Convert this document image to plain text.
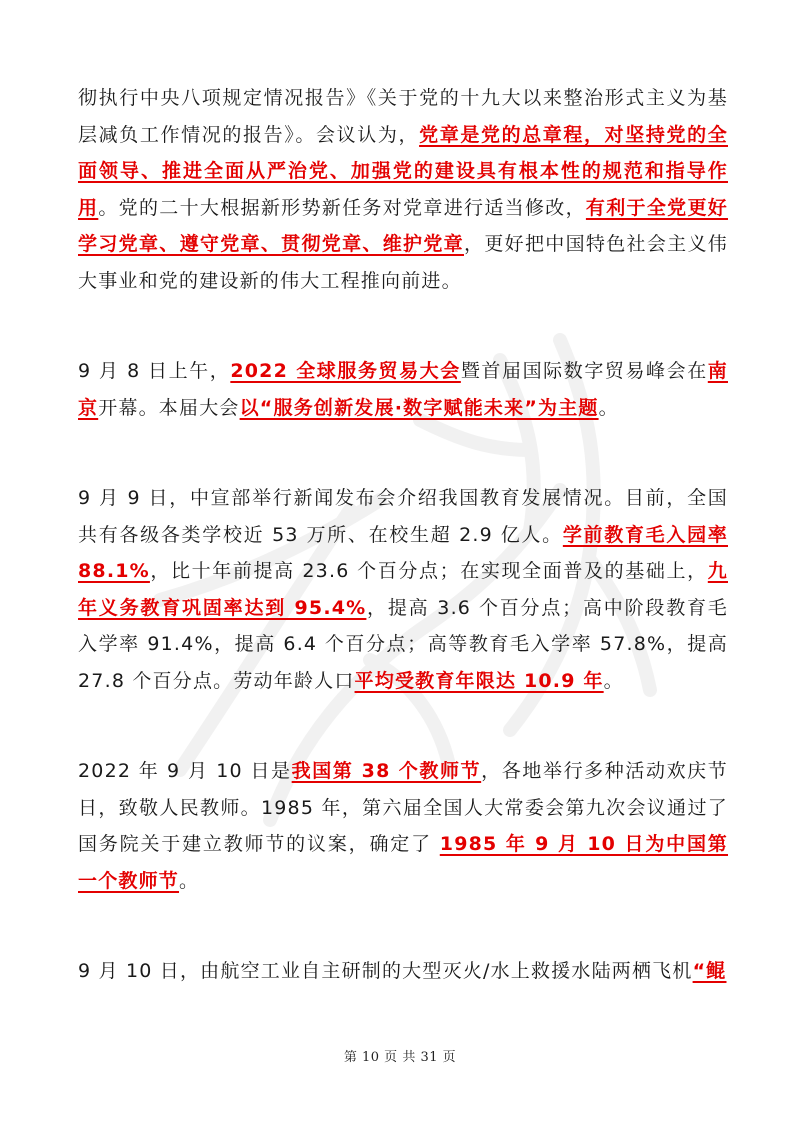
彻执行中央八项规定情况报告》《关于党的十九大以来整治形式主义为基层减负工作情况的报告》。会议认为，党章是党的总章程，对坚持党的全面领导、推进全面从严治党、加强党的建设具有根本性的规范和指导作用。党的二十大根据新形势新任务对党章进行适当修改，有利于全党更好学习党章、遵守党章、贯彻党章、维护党章，更好把中国特色社会主义伟大事业和党的建设新的伟大工程推向前进。

9 月 8 日上午，2022 全球服务贸易大会暨首届国际数字贸易峰会在南京开幕。本届大会以“服务创新发展·数字赋能未来”为主题。

9 月 9 日，中宣部举行新闻发布会介绍我国教育发展情况。目前，全国共有各级各类学校近 53 万所、在校生超 2.9 亿人。学前教育毛入园率 88.1%，比十年前提高 23.6 个百分点；在实现全面普及的基础上，九年义务教育巩固率达到 95.4%，提高 3.6 个百分点；高中阶段教育毛入学率 91.4%，提高 6.4 个百分点；高等教育毛入学率 57.8%，提高 27.8 个百分点。劳动年龄人口平均受教育年限达 10.9 年。

2022 年 9 月 10 日是我国第 38 个教师节，各地举行多种活动欢庆节日，致敬人民教师。1985 年，第六届全国人大常委会第九次会议通过了国务院关于建立教师节的议案，确定了 1985 年 9 月 10 日为中国第一个教师节。

9 月 10 日，由航空工业自主研制的大型灭火/水上救援水陆两栖飞机“鲲

第 10 页 共 31 页
